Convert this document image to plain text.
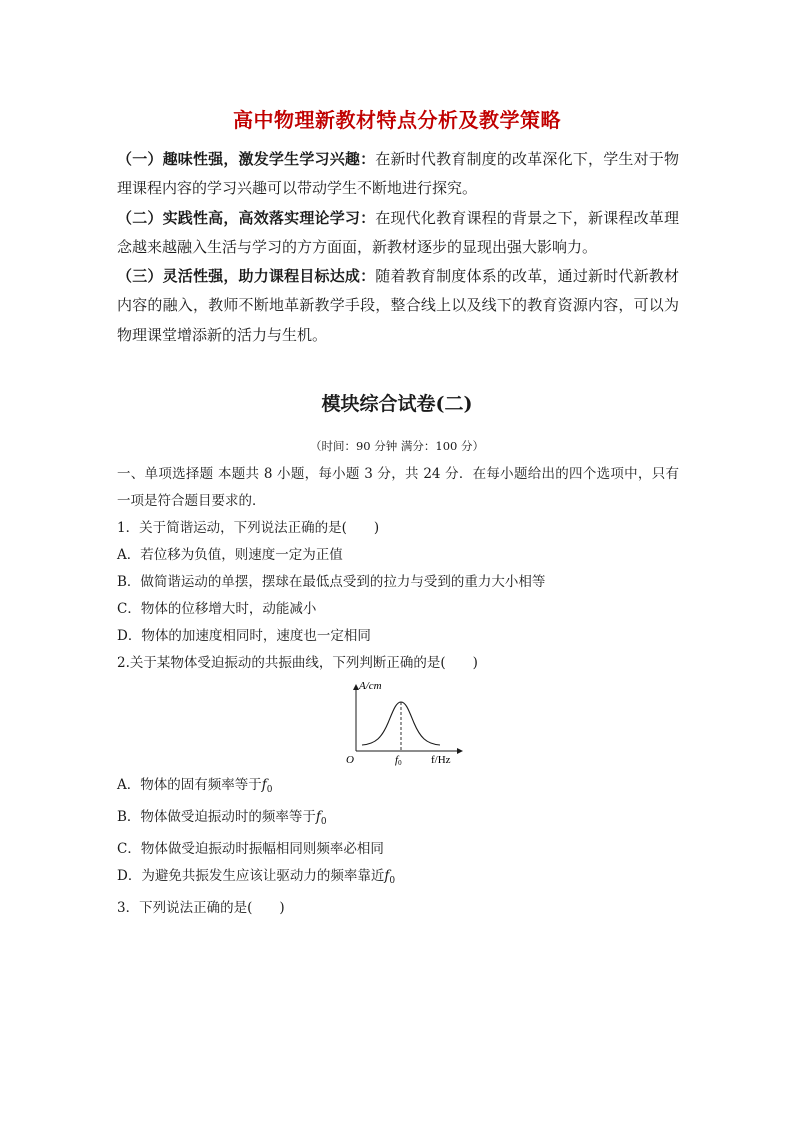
高中物理新教材特点分析及教学策略

（一）趣味性强，激发学生学习兴趣：在新时代教育制度的改革深化下，学生对于物理课程内容的学习兴趣可以带动学生不断地进行探究。

（二）实践性高，高效落实理论学习：在现代化教育课程的背景之下，新课程改革理念越来越融入生活与学习的方方面面，新教材逐步的显现出强大影响力。

（三）灵活性强，助力课程目标达成：随着教育制度体系的改革，通过新时代新教材内容的融入，教师不断地革新教学手段，整合线上以及线下的教育资源内容，可以为物理课堂增添新的活力与生机。

模块综合试卷(二)
（时间：90 分钟 满分：100 分）
一、单项选择题 本题共 8 小题，每小题 3 分，共 24 分．在每小题给出的四个选项中，只有一项是符合题目要求的．
1．关于简谐运动，下列说法正确的是(　　)
A．若位移为负值，则速度一定为正值
B．做简谐运动的单摆，摆球在最低点受到的拉力与受到的重力大小相等
C．物体的位移增大时，动能减小
D．物体的加速度相同时，速度也一定相同
2.关于某物体受迫振动的共振曲线，下列判断正确的是(　　)
A/cm
O	f0	f/Hz
A．物体的固有频率等于$f_0$
B．物体做受迫振动时的频率等于$f_0$
C．物体做受迫振动时振幅相同则频率必相同
D．为避免共振发生应该让驱动力的频率靠近$f_0$
3．下列说法正确的是(　　)
